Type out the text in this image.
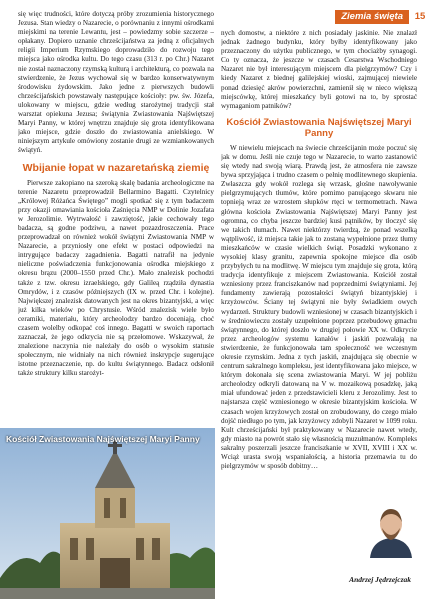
Ziemia święta	15

się więc trudności, które dotyczą próby zrozumienia historycznego Jezusa. Stan wiedzy o Nazarecie, o porównaniu z innymi ośrodkami miejskimi na terenie Lewantu, jest – powiedzmy sobie szczerze – opłakany. Dopiero uznanie chrześcijaństwa za jedną z oficjalnych religii Imperium Rzymskiego doprowadziło do rozwoju tego miejsca jako ośrodka kultu. Do tego czasu (313 r. po Chr.) Nazaret nie został naznaczony rzymską kulturą i architekturą, co pozwala na stwierdzenie, że Jezus wychował się w bardzo konserwatywnym środowisku żydowskim. Jako jedne z pierwszych budowli chrześcijańskich powstawały następujące kościoły: pw. św. Józefa, ulokowany w miejscu, gdzie według starożytnej tradycji stał warsztat opiekuna Jezusa; świątynia Zwiastowania Najświętszej Maryi Panny, w której wnętrzu znajduje się grota identyfikowana jako miejsce, gdzie doszło do zwiastowania anielskiego. W niniejszym artykule omówiony zostanie drugi ze wzmiankowanych świątyń.

Wbijanie łopat w nazaretańską ziemię

Pierwsze zakopiano na szeroką skalę badania archeologiczne na terenie Nazaretu przeprowadził Bellarmino Bagatti. Czytelnicy „Królowej Różańca Świętego” mogli spotkać się z tym badaczem przy okazji omawiania kościoła Zaśnięcia NMP w Dolinie Jozafata w Jerozolimie. Wytrwałość i zawziętość, jakie cechowały tego badacza, są godne podziwu, a nawet pozazdroszczenia. Prace przeprowadzał on również wokół świątyni Zwiastowania NMP w Nazarecie, a przyniosły one efekt w postaci odpowiedzi na intrygujące badaczy zagadnienia. Bagatti natrafił na jedynie nieliczne poświadczenia funkcjonowania ośrodka miejskiego z okresu brązu (2000–1550 przed Chr.). Mało znalezisk pochodzi także z tzw. okresu izraelskiego, gdy Galileą rządziła dynastia Omrydów, i z czasów późniejszych (IX w. przed Chr. i kolejne). Największej znalezisk datowanych jest na okres bizantyjski, a więc już kilka wieków po Chrystusie. Wśród znalezisk wiele było ceramiki, materiału, który archeolodzy bardzo doceniają, choć czasem wolelby odkopać coś innego. Bagatti w swoich raportach zaznaczał, że jego odkrycia nie są przełomowe. Wskazywał, że znalezione naczynia nie należały do osób o wysokim statusie społecznym, nie widniały na nich również inskrypcje sugerujące istotne przeznaczenie, np. do kultu świątynnego. Badacz odsłonił także struktury kilku starożyt-

Kościół Zwiastowania Najświętszej Maryi Panny

nych domostw, a niektóre z nich posiadały jaskinie. Nie znalazł jednak żadnego budynku, który byłby identyfikowany jako przeznaczony do użytku publicznego, w tym chociażby synagogi. Co ty oznacza, że jeszcze w czasach Cesarstwa Wschodniego Nazaret nie był interesującym miejscem dla pielgrzymów? Czy i kiedy Nazaret z biednej galilejskiej wioski, zajmującej niewiele ponad dziesięć akrów powierzchni, zamienił się w nieco większą miejscówkę, której mieszkańcy byli gotowi na to, by sprostać wymaganiom patników?

Kościół Zwiastowania Najświętszej Maryi Panny

W niewielu miejscach na świecie chrześcijanin może poczuć się jak w domu. Jeśli nie czuje tego w Nazarecie, to warto zastanowić się wtedy nad swoją wiarą. Prawdą jest, że atmosfera nie zawsze bywa sprzyjająca i trudno czasem o pełnię modlitewnego skupienia. Zwłaszcza gdy wokół rozlega się wrzask, głośne nawoływanie pielgrzymujących tłumów, które pomimo panującego skwaru nie topnieją wraz ze wzrostem słupków rtęci w termometrach. Nawa główna kościoła Zwiastowania Najświętszej Maryi Panny jest ogromna, co chyba jeszcze bardziej kusi pątników, by tłoczyć się we takich tłumach. Nawet niektórzy twierdzą, że ponad wszelką wątpliwość, iż miejsca takie jak to zostaną wypełnione przez tłumy mieszkańców w czasie wielkich świąt. Posadzki wykonano z wysokiej klasy granitu, zapewnia spokojne miejsce dla osób przybyłych tu na modlitwę. W miejscu tym znajduje się grota, którą tradycja identyfikuje z miejscem Zwiastowania. Kościół został wzniesiony przez franciszkanów nad poprzednimi świątyniami. Jej fundamenty zawierają pozostałości świątyń bizantyjskiej i krzyżowców. Ściany tej świątyni nie były świadkiem owych wydarzeń. Struktury budowli wzniesionej w czasach bizantyjskich i w średniowieczu zostały uzupełnione poprzez przebudowę gmachu świątynnego, do której doszło w drugiej połowie XX w. Odkrycie przez archeologów systemu kanałów i jaskiń pozwalają na stwierdzenie, że funkcjonowała tam społeczność we wczesnym okresie rzymskim. Jedna z tych jaskiń, znajdująca się obecnie w centrum sakralnego kompleksu, jest identyfikowana jako miejsce, w którym dokonała się scena zwiastowania Maryi. W jej pobliżu archeolodzy odkryli datowaną na V w. mozaikową posadzkę, jaką miał ufundować jeden z przedstawicieli kleru z Jerozolimy. Jest to najstarsza część wzniesionego w okresie bizantyjskim kościoła. W czasach wojen krzyżowych został on zrobudowany, do czego miało dojść niedługo po tym, jak krzyżowcy zdobyli Nazaret w 1099 roku. Kult chrześcijański był praktykowany w Nazarecie nawet wtedy, gdy miasto na powrót stało się własnością muzułmanów. Kompleks sakralny poszerzali jeszcze franciszkanie w XVII, XVIII i XX w. Wciąż urasta swoją wspaniałością, a historia przemawia tu do pielgrzymów w sposób dobitny…

Andrzej Jędrzejczak
